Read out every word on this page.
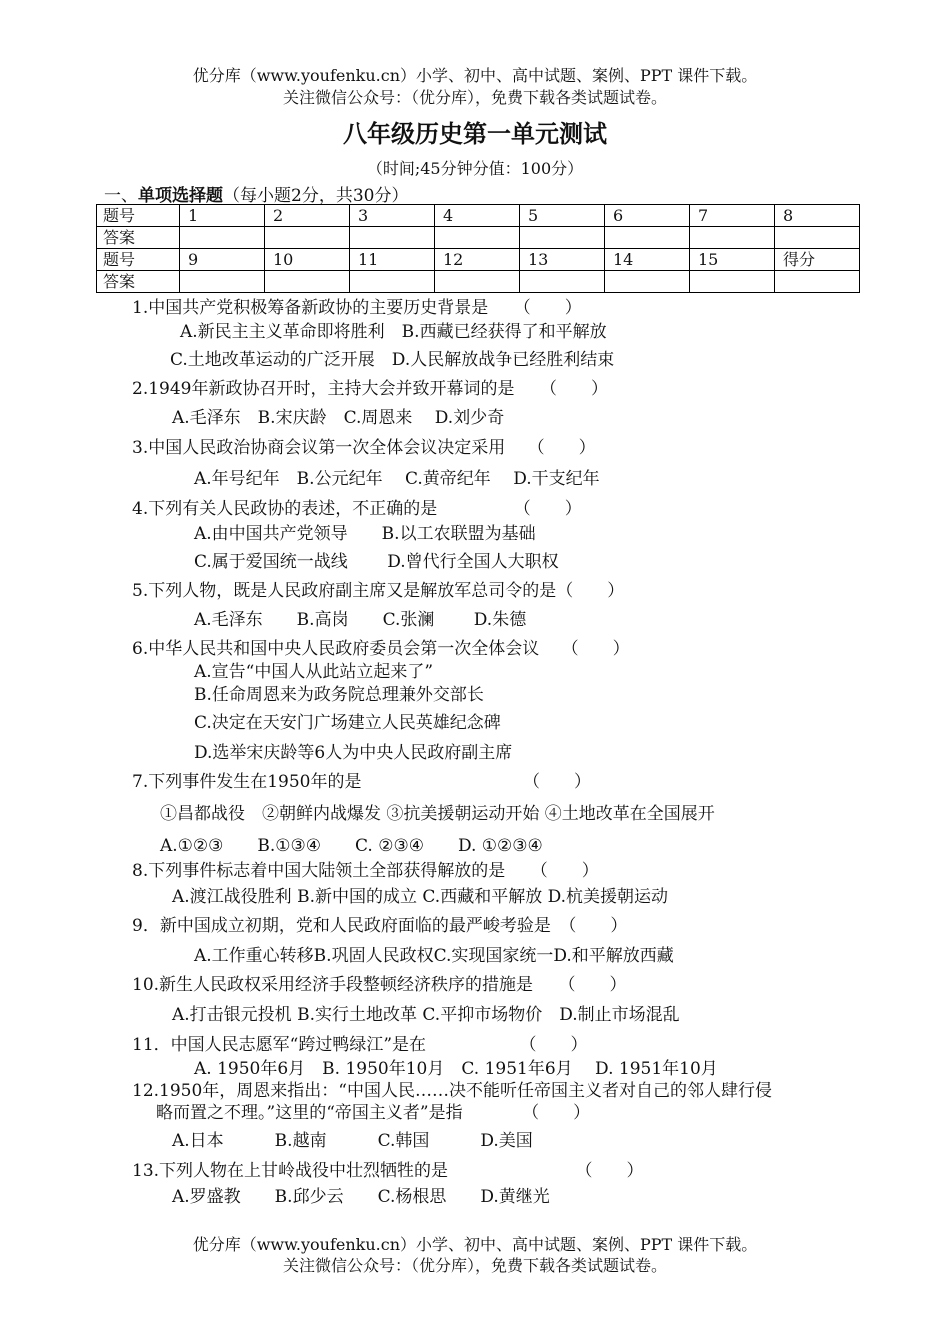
优分库（www.youfenku.cn）小学、初中、高中试题、案例、PPT 课件下载。
关注微信公众号：（优分库），免费下载各类试题试卷。
八年级历史第一单元测试
（时间;45分钟分值：100分）
一、单项选择题（每小题2分，共30分）
题号	1	2	3	4	5	6	7	8
答案								
题号	9	10	11	12	13	14	15	得分
答案								
1.中国共产党积极筹备新政协的主要历史背景是　　（　　）
A.新民主主义革命即将胜利　B.西藏已经获得了和平解放
C.土地改革运动的广泛开展　D.人民解放战争已经胜利结束
2.1949年新政协召开时，主持大会并致开幕词的是　　（　　）
A.毛泽东　B.宋庆龄　C.周恩来　 D.刘少奇
3.中国人民政治协商会议第一次全体会议决定采用　 （　　）
A.年号纪年　B.公元纪年　 C.黄帝纪年　 D.干支纪年
4.下列有关人民政协的表述，不正确的是　　　　　（　　）
A.由中国共产党领导　　B.以工农联盟为基础
C.属于爱国统一战线　　 D.曾代行全国人大职权
5.下列人物，既是人民政府副主席又是解放军总司令的是（　　）
A.毛泽东　　B.高岗　　C.张澜　　 D.朱德
6.中华人民共和国中央人民政府委员会第一次全体会议　 （　　）
A.宣告“中国人从此站立起来了”
B.任命周恩来为政务院总理兼外交部长
C.决定在天安门广场建立人民英雄纪念碑
D.选举宋庆龄等6人为中央人民政府副主席
7.下列事件发生在1950年的是　　　　　　　　　　（　　）
①昌都战役　②朝鲜内战爆发 ③抗美援朝运动开始 ④土地改革在全国展开
A.①②③　　B.①③④　　C. ②③④　　D. ①②③④
8.下列事件标志着中国大陆领土全部获得解放的是　　（　　）
A.渡江战役胜利 B.新中国的成立 C.西藏和平解放 D.杭美援朝运动
9．新中国成立初期，党和人民政府面临的最严峻考验是　（　　）
A.工作重心转移B.巩固人民政权C.实现国家统一D.和平解放西藏
10.新生人民政权采用经济手段整顿经济秩序的措施是　　（　　）
A.打击银元投机 B.实行土地改革 C.平抑市场物价　D.制止市场混乱
11．中国人民志愿军“跨过鸭绿江”是在　　　　　　（　　）
A. 1950年6月　B. 1950年10月　C. 1951年6月　 D. 1951年10月
12.1950年，周恩来指出：“中国人民……决不能听任帝国主义者对自己的邻人肆行侵
略而置之不理。”这里的“帝国主义者”是指　　　　（　　）
A.日本　　　B.越南　　　C.韩国　　　D.美国
13.下列人物在上甘岭战役中壮烈牺牲的是　　　　　　　　（　　）
A.罗盛教　　B.邱少云　　C.杨根思　　D.黄继光
优分库（www.youfenku.cn）小学、初中、高中试题、案例、PPT 课件下载。
关注微信公众号：（优分库），免费下载各类试题试卷。
